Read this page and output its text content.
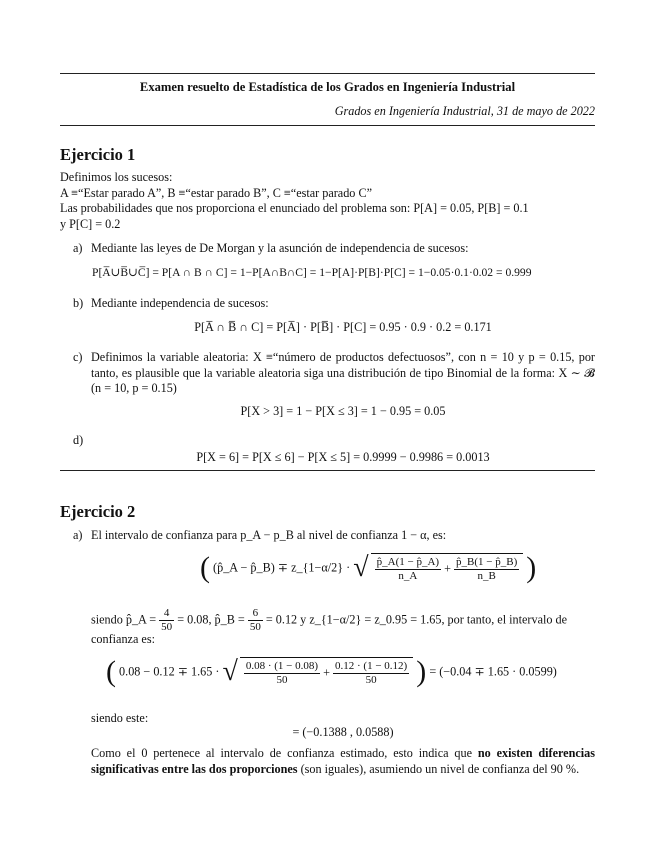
Examen resuelto de Estadística de los Grados en Ingeniería Industrial
Grados en Ingeniería Industrial, 31 de mayo de 2022
Ejercicio 1
Definimos los sucesos:
A ≡“Estar parado A”, B ≡“estar parado B”, C ≡“estar parado C”
Las probabilidades que nos proporciona el enunciado del problema son: P[A] = 0.05, P[B] = 0.1
y P[C] = 0.2
a) Mediante las leyes de De Morgan y la asunción de independencia de sucesos:
P[A̅∪B̅∪C̅] = P[A ∩ B ∩ C] = 1−P[A∩B∩C] = 1−P[A]·P[B]·P[C] = 1−0.05·0.1·0.02 = 0.999
b) Mediante independencia de sucesos:
P[A̅ ∩ B̅ ∩ C] = P[A̅] · P[B̅] · P[C] = 0.95 · 0.9 · 0.2 = 0.171
c) Definimos la variable aleatoria: X ≡“número de productos defectuosos”, con n = 10 y p = 0.15, por tanto, es plausible que la variable aleatoria siga una distribución de tipo Binomial de la forma: X ∼ 𝓑 (n = 10, p = 0.15)
P[X > 3] = 1 − P[X ≤ 3] = 1 − 0.95 = 0.05
d)
P[X = 6] = P[X ≤ 6] − P[X ≤ 5] = 0.9999 − 0.9986 = 0.0013
Ejercicio 2
a) El intervalo de confianza para p_A − p_B al nivel de confianza 1 − α, es:
( (p̂_A − p̂_B) ∓ z_{1−α/2} · √ $\frac{p̂\_A(1 - p̂\_A)}{n\_A} + \frac{p̂\_B(1 - p̂\_B)}{n\_B}$ )
siendo p̂_A = $\frac{4}{50} = 0.08$, p̂_B = $\frac{6}{50} = 0.12$ y z_{1−α/2} = z_0.95 = 1.65, por tanto, el intervalo de
confianza es:
( 0.08 − 0.12 ∓ 1.65 · √ $\frac{0.08 \cdot (1 - 0.08)}{50} + \frac{0.12 \cdot (1 - 0.12)}{50}$ ) = (−0.04 ∓ 1.65 · 0.0599)
siendo este:
= (−0.1388 , 0.0588)
Como el 0 pertenece al intervalo de confianza estimado, esto indica que no existen diferencias significativas entre las dos proporciones (son iguales), asumiendo un nivel de confianza del 90 %.
